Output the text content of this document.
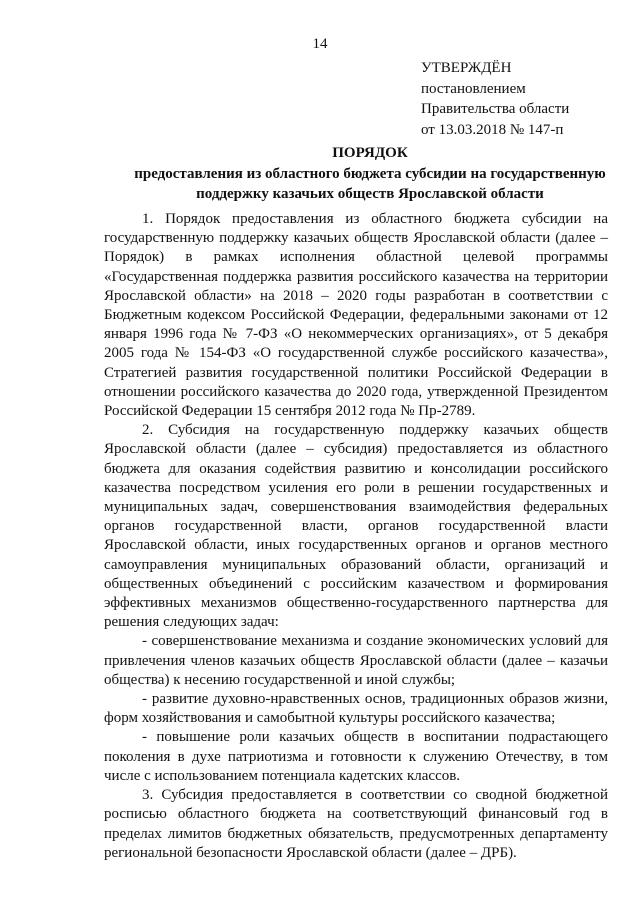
14
УТВЕРЖДЁН
постановлением
Правительства области
от 13.03.2018 № 147-п
ПОРЯДОК
предоставления из областного бюджета субсидии на государственную
поддержку казачьих обществ Ярославской области

1. Порядок предоставления из областного бюджета субсидии на государственную поддержку казачьих обществ Ярославской области (далее – Порядок) в рамках исполнения областной целевой программы «Государственная поддержка развития российского казачества на территории Ярославской области» на 2018 – 2020 годы разработан в соответствии с Бюджетным кодексом Российской Федерации, федеральными законами от 12 января 1996 года № 7-ФЗ «О некоммерческих организациях», от 5 декабря 2005 года № 154-ФЗ «О государственной службе российского казачества», Стратегией развития государственной политики Российской Федерации в отношении российского казачества до 2020 года, утвержденной Президентом Российской Федерации 15 сентября 2012 года № Пр-2789.

2. Субсидия на государственную поддержку казачьих обществ Ярославской области (далее – субсидия) предоставляется из областного бюджета для оказания содействия развитию и консолидации российского казачества посредством усиления его роли в решении государственных и муниципальных задач, совершенствования взаимодействия федеральных органов государственной власти, органов государственной власти Ярославской области, иных государственных органов и органов местного самоуправления муниципальных образований области, организаций и общественных объединений с российским казачеством и формирования эффективных механизмов общественно-государственного партнерства для решения следующих задач:

- совершенствование механизма и создание экономических условий для привлечения членов казачьих обществ Ярославской области (далее – казачьи общества) к несению государственной и иной службы;

- развитие духовно-нравственных основ, традиционных образов жизни, форм хозяйствования и самобытной культуры российского казачества;

- повышение роли казачьих обществ в воспитании подрастающего поколения в духе патриотизма и готовности к служению Отечеству, в том числе с использованием потенциала кадетских классов.

3. Субсидия предоставляется в соответствии со сводной бюджетной росписью областного бюджета на соответствующий финансовый год в пределах лимитов бюджетных обязательств, предусмотренных департаменту региональной безопасности Ярославской области (далее – ДРБ).
